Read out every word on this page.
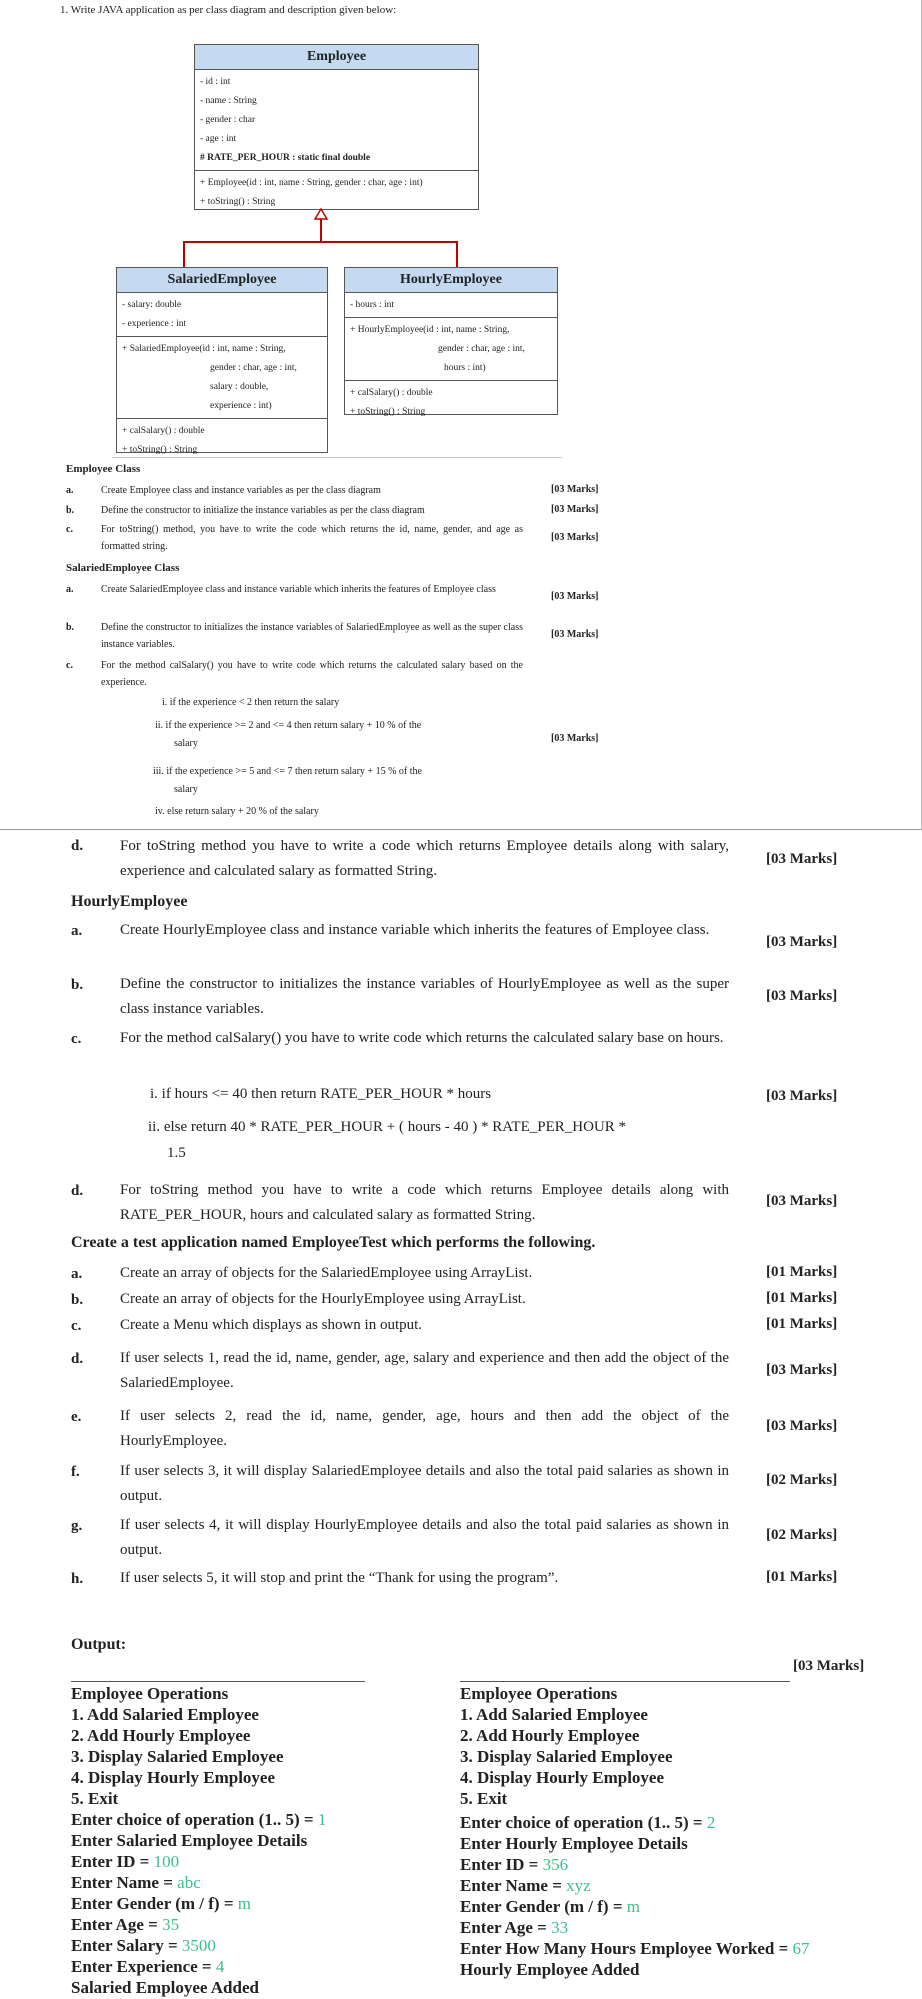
1. Write JAVA application as per class diagram and description given below:
Employee
- id : int
- name : String
- gender : char
- age : int
# RATE_PER_HOUR : static final double
+ Employee(id : int, name : String, gender : char, age : int)
+ toString() : String
SalariedEmployee
- salary: double
- experience : int
+ SalariedEmployee(id : int, name : String,
gender : char, age : int,
salary : double,
experience : int)
+ calSalary() : double
+ toString() : String
HourlyEmployee
- hours : int
+ HourlyEmployee(id : int, name : String,
gender : char, age : int,
hours : int)
+ calSalary() : double
+ toString() : String
Employee Class
a.	Create Employee class and instance variables as per the class diagram	[03 Marks]
b.	Define the constructor to initialize the instance variables as per the class diagram	[03 Marks]
c.	For toString() method, you have to write the code which returns the id, name, gender, and age as formatted string.
[03 Marks]
SalariedEmployee Class
a.	Create SalariedEmployee class and instance variable which inherits the features of Employee class
[03 Marks]
b.	Define the constructor to initializes the instance variables of SalariedEmployee as well as the super class instance variables.
[03 Marks]
c.	For the method calSalary() you have to write code which returns the calculated salary based on the experience.
[03 Marks]
i. if the experience < 2 then return the salary
ii. if the experience >= 2 and <= 4 then return salary + 10 % of the
salary
iii. if the experience >= 5 and <= 7 then return salary + 15 % of the
salary
iv. else return salary + 20 % of the salary
d. For toString method you have to write a code which returns Employee details along with salary, experience and calculated salary as formatted String.
[03 Marks]
HourlyEmployee
a.	Create HourlyEmployee class and instance variable which inherits the features of Employee class.
[03 Marks]
b. Define the constructor to initializes the instance variables of HourlyEmployee as well as the super class instance variables.
[03 Marks]
c.	For the method calSalary() you have to write code which returns the calculated salary base on hours.
i. if hours <= 40 then return RATE_PER_HOUR * hours	[03 Marks]
ii. else return 40 * RATE_PER_HOUR + ( hours - 40 ) * RATE_PER_HOUR *
1.5
d. For toString method you have to write a code which returns Employee details along with RATE_PER_HOUR, hours and calculated salary as formatted String.
[03 Marks]
Create a test application named EmployeeTest which performs the following.
a.	Create an array of objects for the SalariedEmployee using ArrayList.	[01 Marks]
b. Create an array of objects for the HourlyEmployee using ArrayList.	[01 Marks]
c.	Create a Menu which displays as shown in output.	[01 Marks]
d. If user selects 1, read the id, name, gender, age, salary and experience and then add the object of the SalariedEmployee.
[03 Marks]
e.	If user selects 2, read the id, name, gender, age, hours and then add the object of the HourlyEmployee.
[03 Marks]
f.	If user selects 3, it will display SalariedEmployee details and also the total paid salaries as shown in output.
[02 Marks]
g.	If user selects 4, it will display HourlyEmployee details and also the total paid salaries as shown in output.
[02 Marks]
h. If user selects 5, it will stop and print the “Thank for using the program”.	[01 Marks]
Output:
[03 Marks]
Employee Operations
1. Add Salaried Employee
2. Add Hourly Employee
3. Display Salaried Employee
4. Display Hourly Employee
5. Exit
Enter choice of operation (1.. 5) = 1
Enter Salaried Employee Details
Enter ID = 100
Enter Name = abc
Enter Gender (m / f) = m
Enter Age = 35
Enter Salary = 3500
Enter Experience = 4
Salaried Employee Added
Employee Operations
1. Add Salaried Employee
2. Add Hourly Employee
3. Display Salaried Employee
4. Display Hourly Employee
5. Exit
Enter choice of operation (1.. 5) = 2
Enter Hourly Employee Details
Enter ID = 356
Enter Name = xyz
Enter Gender (m / f) = m
Enter Age = 33
Enter How Many Hours Employee Worked = 67
Hourly Employee Added
